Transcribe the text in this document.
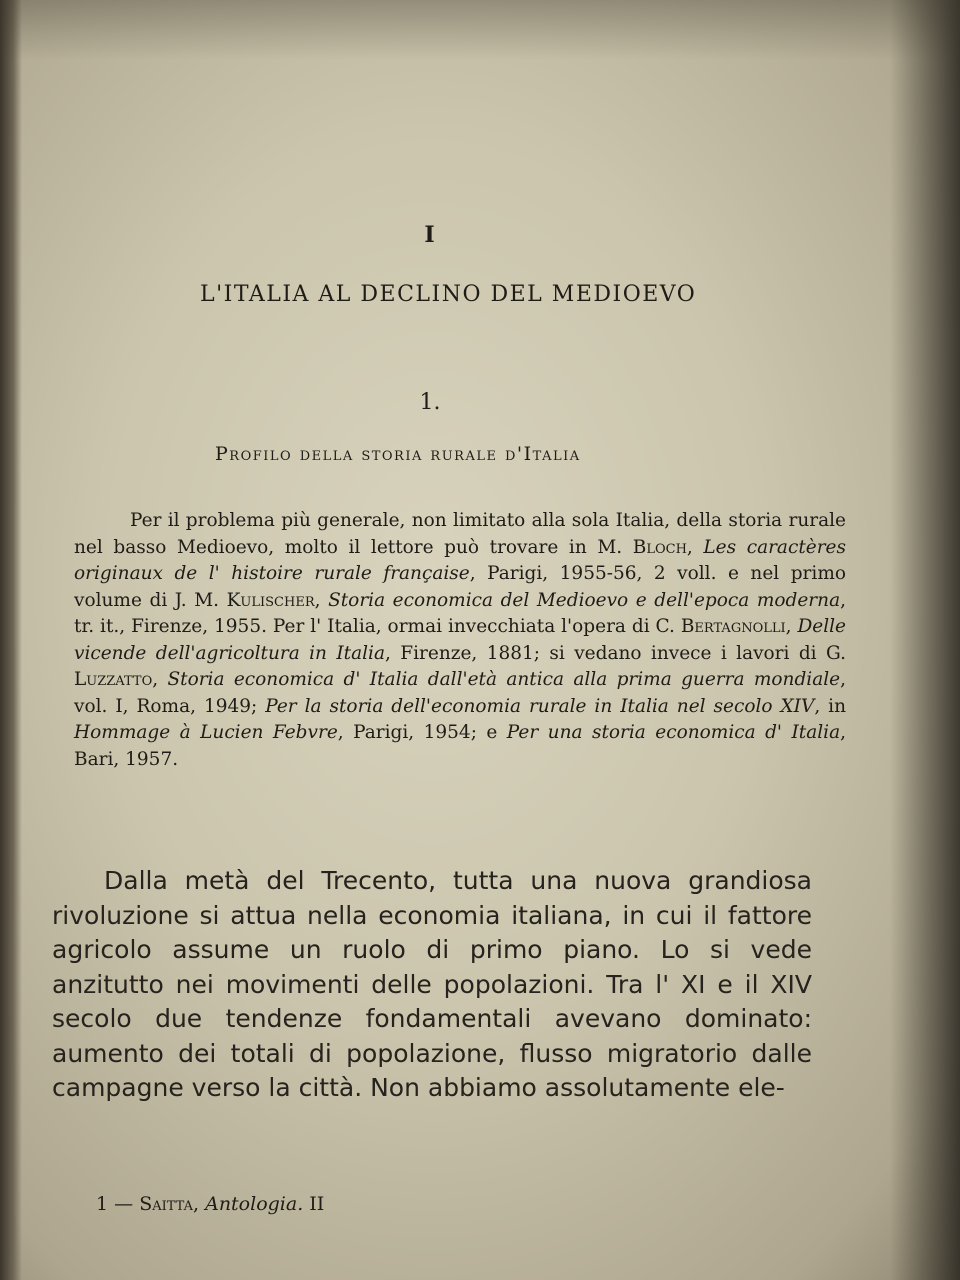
I
L'ITALIA AL DECLINO DEL MEDIOEVO
1.
Profilo della storia rurale d'Italia
Per il problema più generale, non limitato alla sola Italia, della storia rurale nel basso Medioevo, molto il lettore può trovare in M. Bloch, Les caractères originaux de l' histoire rurale française, Parigi, 1955-56, 2 voll. e nel primo volume di J. M. Kulischer, Storia economica del Medioevo e dell'epoca moderna, tr. it., Firenze, 1955. Per l' Italia, ormai invecchiata l'opera di C. Bertagnolli, Delle vicende dell'agricoltura in Italia, Firenze, 1881; si vedano invece i lavori di G. Luzzatto, Storia economica d' Italia dall'età antica alla prima guerra mondiale, vol. I, Roma, 1949; Per la storia dell'economia rurale in Italia nel secolo XIV, in Hommage à Lucien Febvre, Parigi, 1954; e Per una storia economica d' Italia, Bari, 1957.
Dalla metà del Trecento, tutta una nuova grandiosa rivoluzione si attua nella economia italiana, in cui il fattore agricolo assume un ruolo di primo piano. Lo si vede anzitutto nei movimenti delle popolazioni. Tra l' XI e il XIV secolo due tendenze fondamentali avevano dominato: aumento dei totali di popolazione, flusso migratorio dalle campagne verso la città. Non abbiamo assolutamente ele-
1 — Saitta, Antologia. II
